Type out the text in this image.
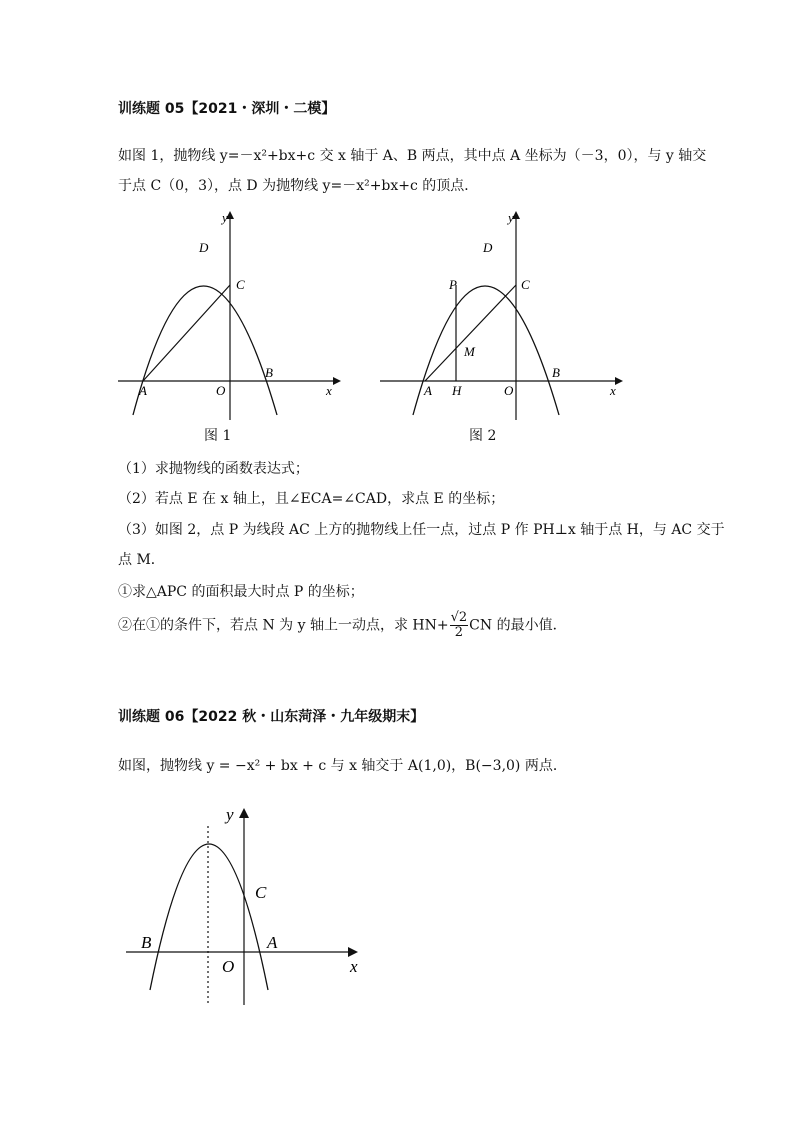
训练题 05【2021・深圳・二模】
如图 1，抛物线 y=－x²+bx+c 交 x 轴于 A、B 两点，其中点 A 坐标为（－3，0），与 y 轴交
于点 C（0，3），点 D 为抛物线 y=－x²+bx+c 的顶点．
y
x
D
C
A	O
B
图 1
y
x
D
C
P
M
A H	O
B
图 2
（1）求抛物线的函数表达式；
（2）若点 E 在 x 轴上，且∠ECA=∠CAD，求点 E 的坐标；
（3）如图 2，点 P 为线段 AC 上方的抛物线上任一点，过点 P 作 PH⊥x 轴于点 H，与 AC 交于
点 M．
①求△APC 的面积最大时点 P 的坐标；
②在①的条件下，若点 N 为 y 轴上一动点，求 $HN+ \frac{√2}{2}$ CN 的最小值．
训练题 06【2022 秋・山东菏泽・九年级期末】
如图，抛物线 y = −x² + bx + c 与 x 轴交于 A(1,0)，B(−3,0) 两点．
y
x
C
B	A
O
